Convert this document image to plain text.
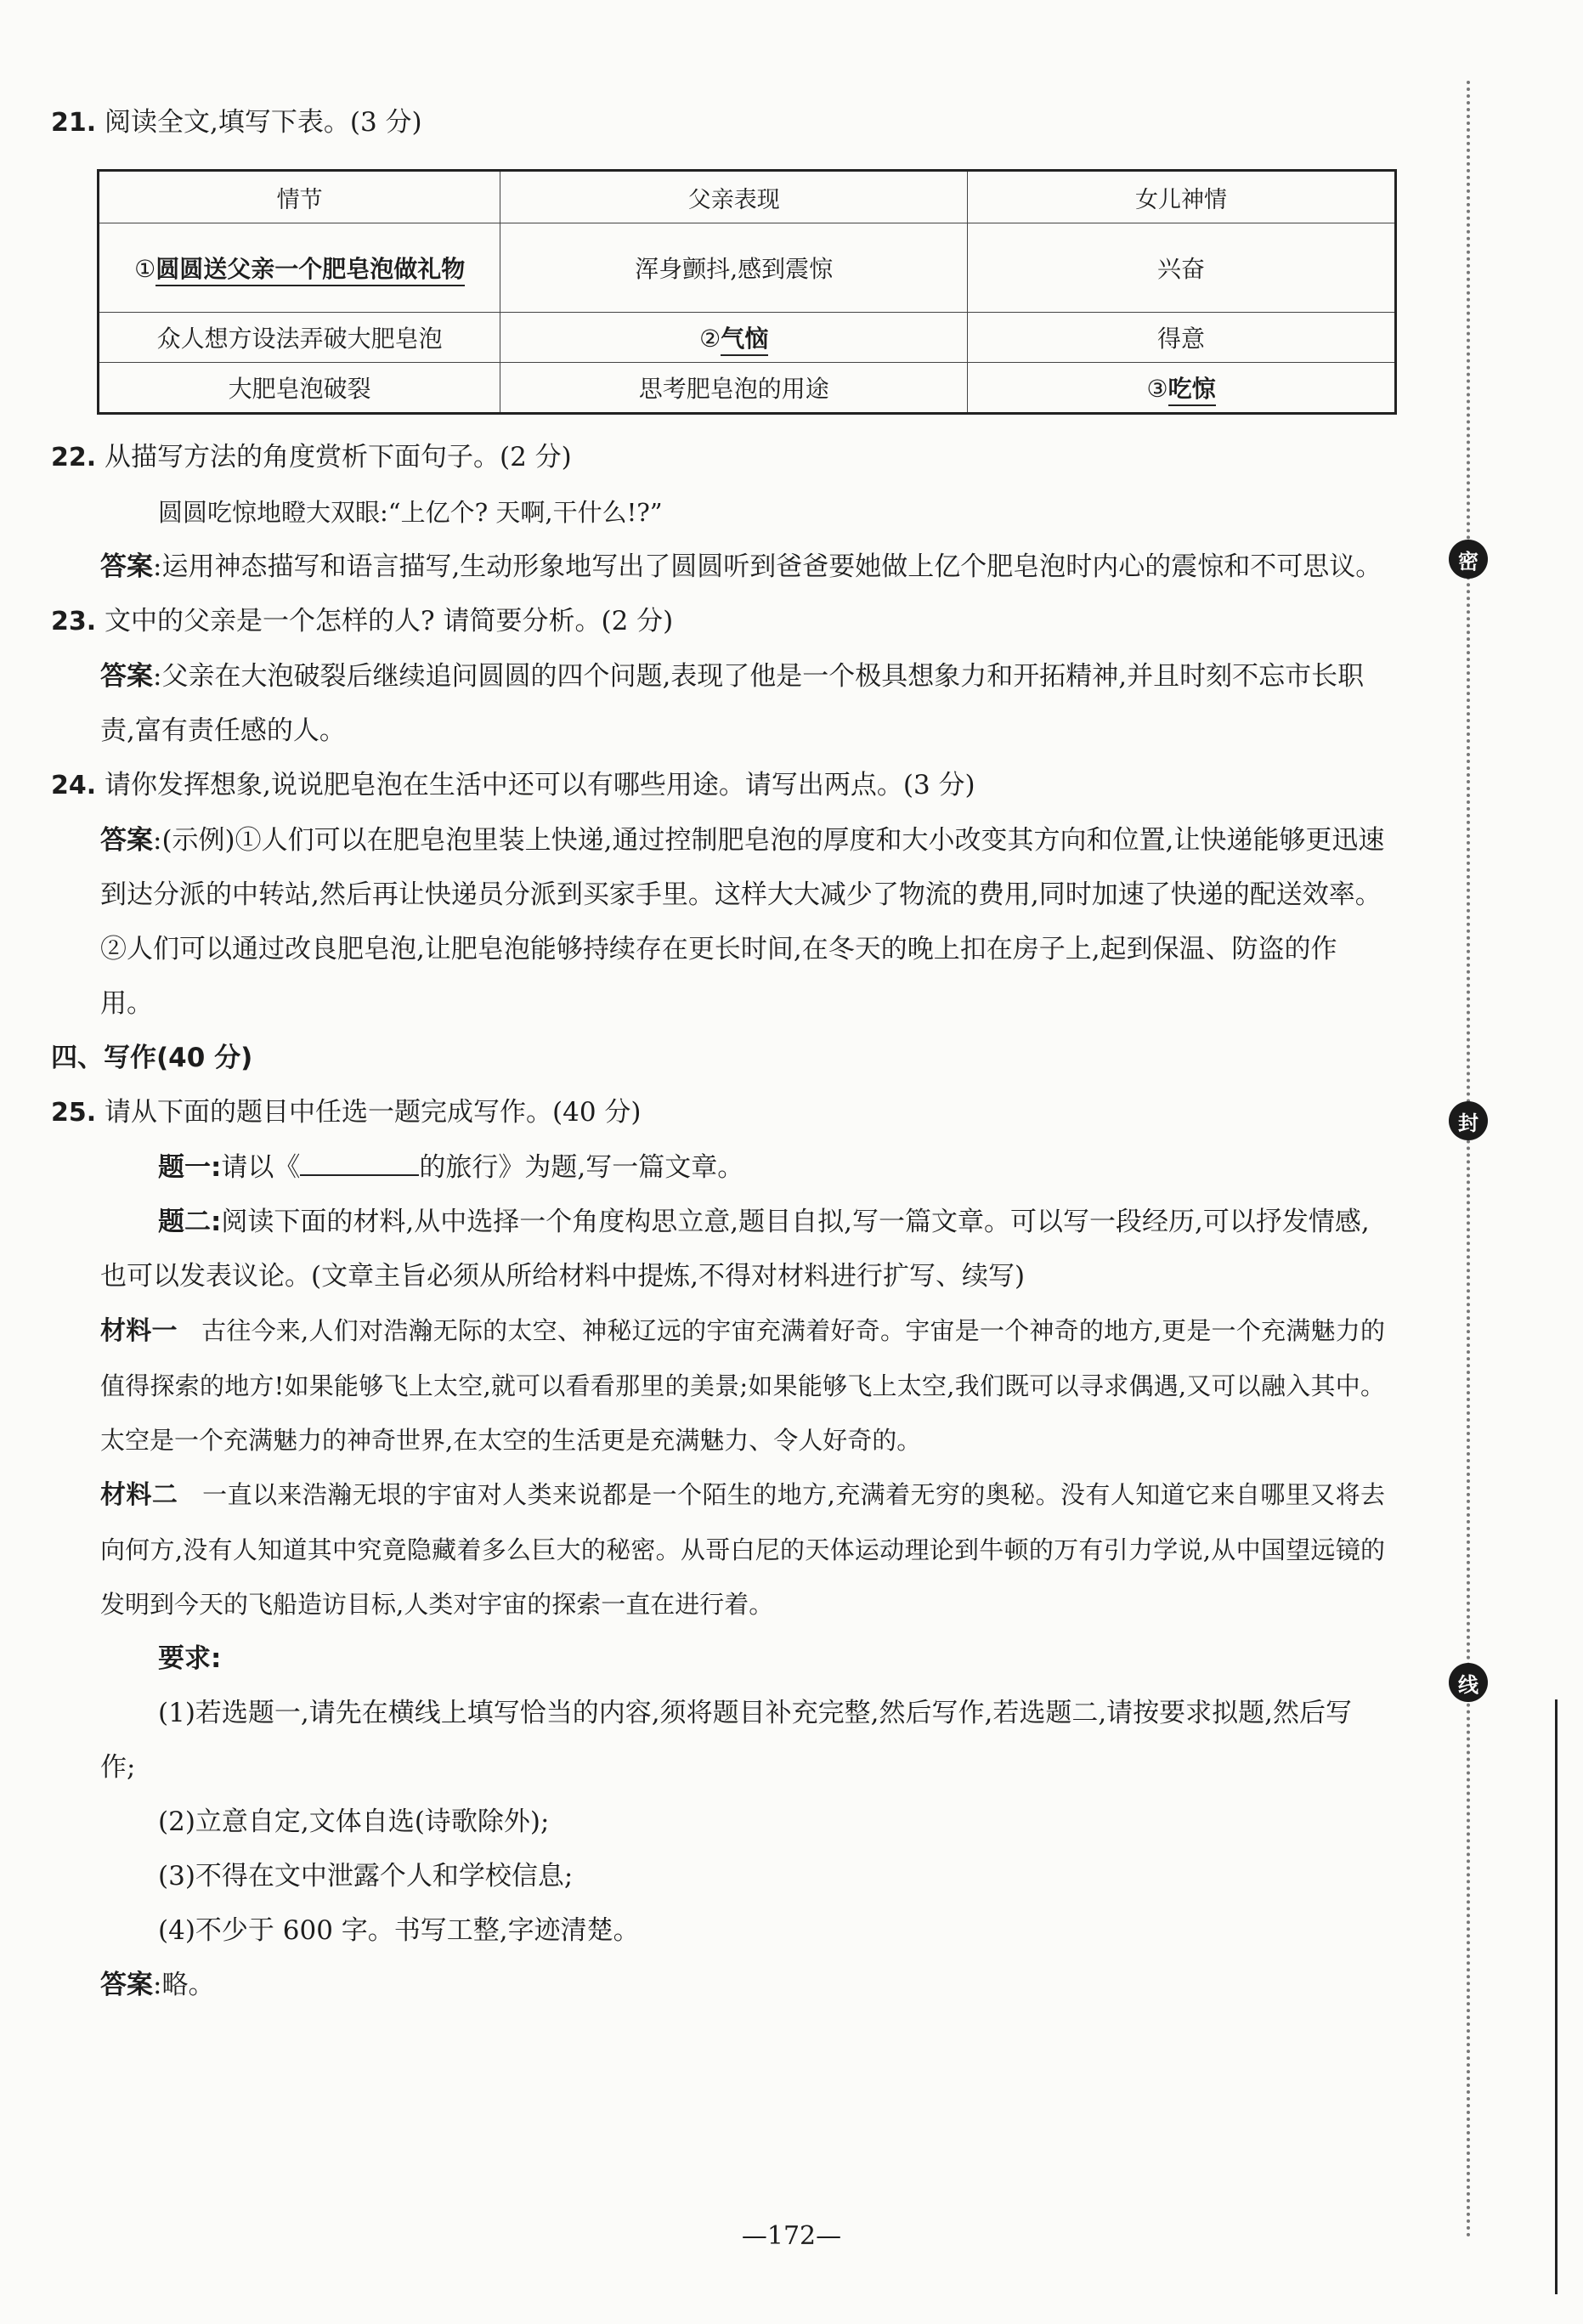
密
封
线

21. 阅读全文,填写下表。(3 分)

情节	父亲表现	女儿神情
①圆圆送父亲一个肥皂泡做礼物	浑身颤抖,感到震惊	兴奋
众人想方设法弄破大肥皂泡	②气恼	得意
大肥皂泡破裂	思考肥皂泡的用途	③吃惊

22. 从描写方法的角度赏析下面句子。(2 分)

圆圆吃惊地瞪大双眼:“上亿个? 天啊,干什么!?”

答案:运用神态描写和语言描写,生动形象地写出了圆圆听到爸爸要她做上亿个肥皂泡时内心的震惊和不可思议。

23. 文中的父亲是一个怎样的人? 请简要分析。(2 分)

答案:父亲在大泡破裂后继续追问圆圆的四个问题,表现了他是一个极具想象力和开拓精神,并且时刻不忘市长职责,富有责任感的人。

24. 请你发挥想象,说说肥皂泡在生活中还可以有哪些用途。请写出两点。(3 分)

答案:(示例)①人们可以在肥皂泡里装上快递,通过控制肥皂泡的厚度和大小改变其方向和位置,让快递能够更迅速到达分派的中转站,然后再让快递员分派到买家手里。这样大大减少了物流的费用,同时加速了快递的配送效率。②人们可以通过改良肥皂泡,让肥皂泡能够持续存在更长时间,在冬天的晚上扣在房子上,起到保温、防盗的作用。

四、写作(40 分)

25. 请从下面的题目中任选一题完成写作。(40 分)

题一:请以《	的旅行》为题,写一篇文章。

题二:阅读下面的材料,从中选择一个角度构思立意,题目自拟,写一篇文章。可以写一段经历,可以抒发情感,也可以发表议论。(文章主旨必须从所给材料中提炼,不得对材料进行扩写、续写)

材料一 古往今来,人们对浩瀚无际的太空、神秘辽远的宇宙充满着好奇。宇宙是一个神奇的地方,更是一个充满魅力的值得探索的地方!如果能够飞上太空,就可以看看那里的美景;如果能够飞上太空,我们既可以寻求偶遇,又可以融入其中。太空是一个充满魅力的神奇世界,在太空的生活更是充满魅力、令人好奇的。

材料二 一直以来浩瀚无垠的宇宙对人类来说都是一个陌生的地方,充满着无穷的奥秘。没有人知道它来自哪里又将去向何方,没有人知道其中究竟隐藏着多么巨大的秘密。从哥白尼的天体运动理论到牛顿的万有引力学说,从中国望远镜的发明到今天的飞船造访目标,人类对宇宙的探索一直在进行着。

要求:

(1)若选题一,请先在横线上填写恰当的内容,须将题目补充完整,然后写作,若选题二,请按要求拟题,然后写作;

(2)立意自定,文体自选(诗歌除外);

(3)不得在文中泄露个人和学校信息;

(4)不少于 600 字。书写工整,字迹清楚。

答案:略。

—172—
